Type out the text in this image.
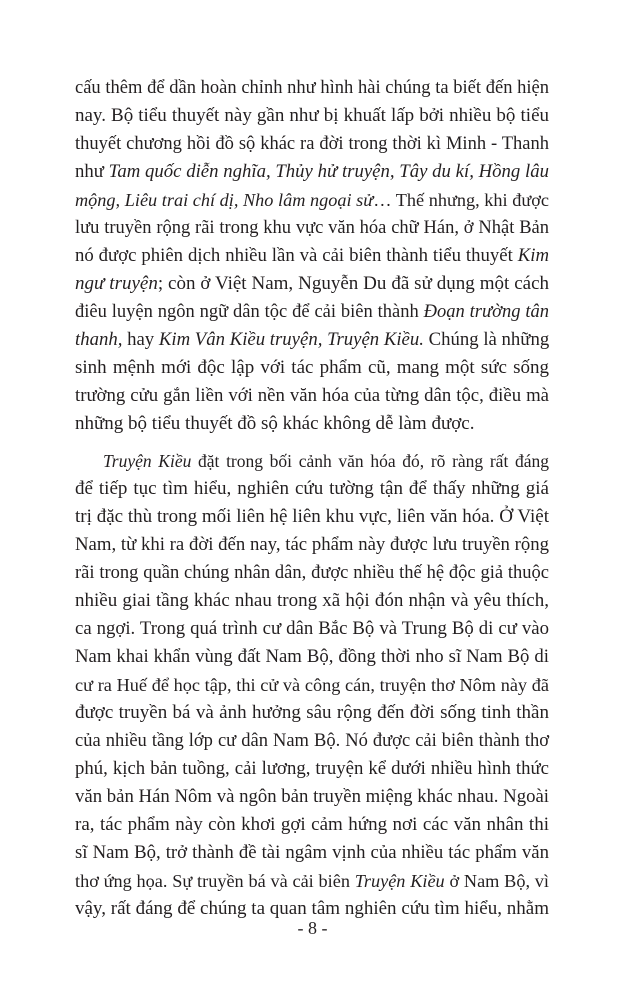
cấu thêm để dần hoàn chỉnh như hình hài chúng ta biết đến hiện
nay. Bộ tiểu thuyết này gần như bị khuất lấp bởi nhiều bộ tiểu
thuyết chương hồi đồ sộ khác ra đời trong thời kì Minh - Thanh
như Tam quốc diễn nghĩa, Thủy hử truyện, Tây du kí, Hồng lâu
mộng, Liêu trai chí dị, Nho lâm ngoại sử… Thế nhưng, khi được
lưu truyền rộng rãi trong khu vực văn hóa chữ Hán, ở Nhật Bản
nó được phiên dịch nhiều lần và cải biên thành tiểu thuyết Kim
ngư truyện; còn ở Việt Nam, Nguyễn Du đã sử dụng một cách
điêu luyện ngôn ngữ dân tộc để cải biên thành Đoạn trường tân
thanh, hay Kim Vân Kiều truyện, Truyện Kiều. Chúng là những
sinh mệnh mới độc lập với tác phẩm cũ, mang một sức sống
trường cửu gắn liền với nền văn hóa của từng dân tộc, điều mà
những bộ tiểu thuyết đồ sộ khác không dễ làm được.
Truyện Kiều đặt trong bối cảnh văn hóa đó, rõ ràng rất đáng
để tiếp tục tìm hiểu, nghiên cứu tường tận để thấy những giá
trị đặc thù trong mối liên hệ liên khu vực, liên văn hóa. Ở Việt
Nam, từ khi ra đời đến nay, tác phẩm này được lưu truyền rộng
rãi trong quần chúng nhân dân, được nhiều thế hệ độc giả thuộc
nhiều giai tầng khác nhau trong xã hội đón nhận và yêu thích,
ca ngợi. Trong quá trình cư dân Bắc Bộ và Trung Bộ di cư vào
Nam khai khẩn vùng đất Nam Bộ, đồng thời nho sĩ Nam Bộ di
cư ra Huế để học tập, thi cử và công cán, truyện thơ Nôm này đã
được truyền bá và ảnh hưởng sâu rộng đến đời sống tinh thần
của nhiều tầng lớp cư dân Nam Bộ. Nó được cải biên thành thơ
phú, kịch bản tuồng, cải lương, truyện kể dưới nhiều hình thức
văn bản Hán Nôm và ngôn bản truyền miệng khác nhau. Ngoài
ra, tác phẩm này còn khơi gợi cảm hứng nơi các văn nhân thi
sĩ Nam Bộ, trở thành đề tài ngâm vịnh của nhiều tác phẩm văn
thơ ứng họa. Sự truyền bá và cải biên Truyện Kiều ở Nam Bộ, vì
vậy, rất đáng để chúng ta quan tâm nghiên cứu tìm hiểu, nhằm
- 8 -
